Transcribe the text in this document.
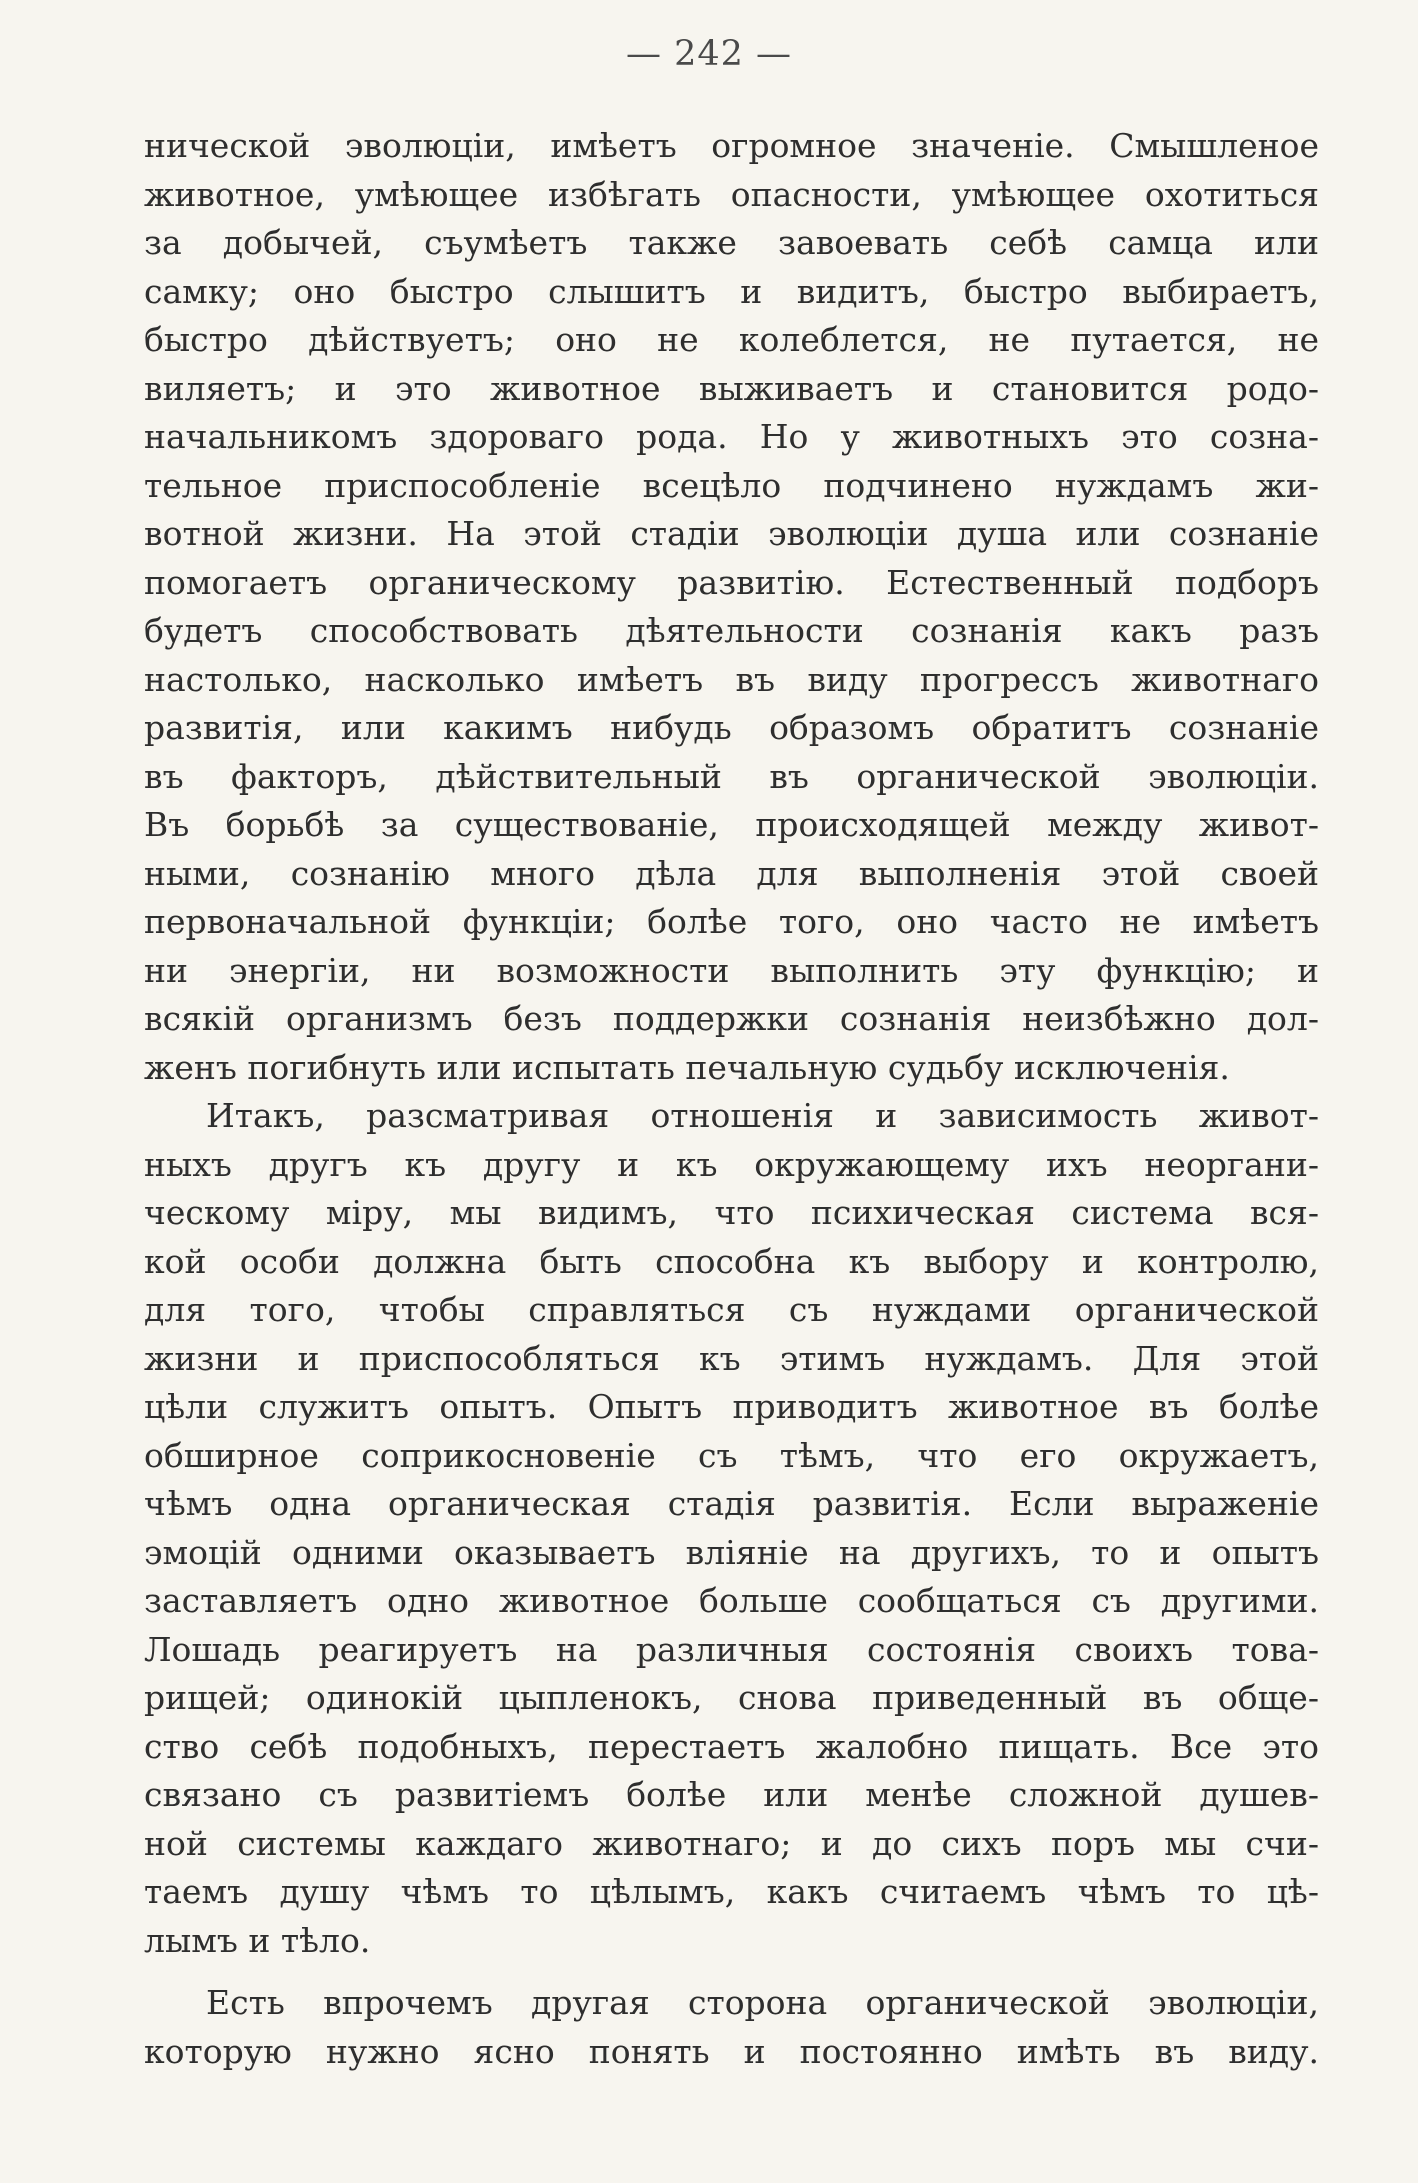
— 242 —
ничеcкой эволюціи, имѣетъ огромное значеніе. Смышленое
животное, умѣющее избѣгать опасности, умѣющее охотиться
за добычей, съумѣетъ также завоевать себѣ самца или
самку; оно быстро слышитъ и видитъ, быстро выбираетъ,
быстро дѣйствуетъ; оно не колеблется, не путается, не
виляетъ; и это животное выживаетъ и становится родо-
начальникомъ здороваго рода. Но у животныхъ это созна-
тельное приспособленіе всецѣло подчинено нуждамъ жи-
вотной жизни. На этой стадіи эволюціи душа или сознаніе
помогаетъ органическому развитію. Естественный подборъ
будетъ способствовать дѣятельности сознанія какъ разъ
настолько, насколько имѣетъ въ виду прогрессъ животнаго
развитія, или какимъ нибудь образомъ обратитъ сознаніе
въ факторъ, дѣйствительный въ органической эволюціи.
Въ борьбѣ за существованіе, происходящей между живот-
ными, сознанію много дѣла для выполненія этой своей
первоначальной функціи; болѣе того, оно часто не имѣетъ
ни энергіи, ни возможности выполнить эту функцію; и
всякій организмъ безъ поддержки сознанія неизбѣжно дол-
женъ погибнуть или испытать печальную судьбу исключенія.
Итакъ, разсматривая отношенія и зависимость живот-
ныхъ другъ къ другу и къ окружающему ихъ неоргани-
ческому міру, мы видимъ, что психическая система вся-
кой особи должна быть способна къ выбору и контролю,
для того, чтобы справляться съ нуждами органической
жизни и приспособляться къ этимъ нуждамъ. Для этой
цѣли служитъ опытъ. Опытъ приводитъ животное въ болѣе
обширное соприкосновеніе съ тѣмъ, что его окружаетъ,
чѣмъ одна органическая стадія развитія. Если выраженіе
эмоцій одними оказываетъ вліяніе на другихъ, то и опытъ
заставляетъ одно животное больше сообщаться съ другими.
Лошадь реагируетъ на различныя состоянія своихъ това-
рищей; одинокій цыпленокъ, снова приведенный въ обще-
ство себѣ подобныхъ, перестаетъ жалобно пищать. Все это
связано съ развитіемъ болѣе или менѣе сложной душев-
ной системы каждаго животнаго; и до сихъ поръ мы счи-
таемъ душу чѣмъ то цѣлымъ, какъ считаемъ чѣмъ то цѣ-
лымъ и тѣло.
Есть впрочемъ другая сторона органической эволюціи,
которую нужно ясно понять и постоянно имѣть въ виду.
